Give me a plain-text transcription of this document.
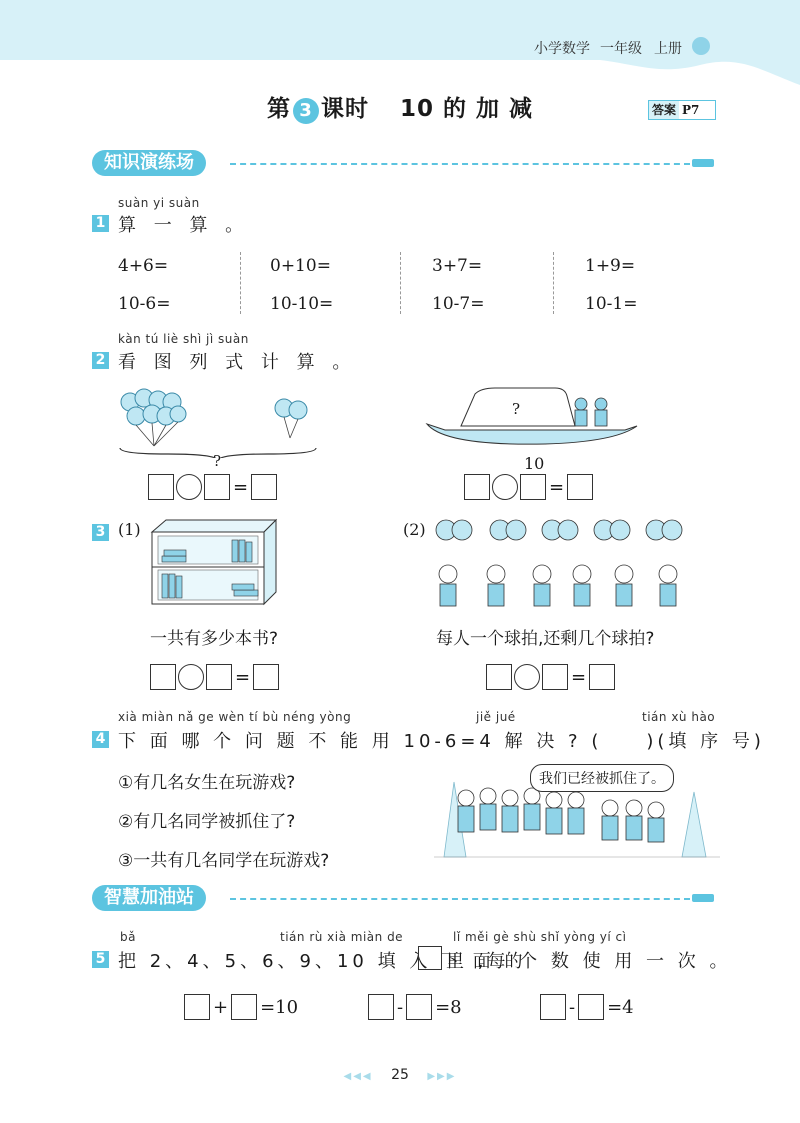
小学数学 一年级 上册
第 3 课时 10 的 加 减	答案 P7
知识演练场
suàn yi suàn
1 算 一 算 。
4+6=	0+10=	3+7=	1+9=
10-6=	10-10=	10-7=	10-1=
kàn tú liè shì jì suàn
2 看 图 列 式 计 算 。
?
=
?
10
=
3 (1)
一共有多少本书?
=
(2)
每人一个球拍,还剩几个球拍?
=
xià miàn nǎ ge wèn tí bù néng yòng	jiě jué	tián xù hào
4 下 面 哪 个 问 题 不 能 用 10-6=4 解 决 ? (　　)(填 序 号)
①有几名女生在玩游戏?
②有几名同学被抓住了?
③一共有几名同学在玩游戏?
我们已经被抓住了。
智慧加油站
bǎ	tián rù xià miàn de	lǐ měi gè shù shǐ yòng yí cì
5 把 2、4、5、6、9、10 填 入 下 面 的
里 ,每 个 数 使 用 一 次 。
+ =10	- =8	- =4
◀◀◀ 25 ▶▶▶
